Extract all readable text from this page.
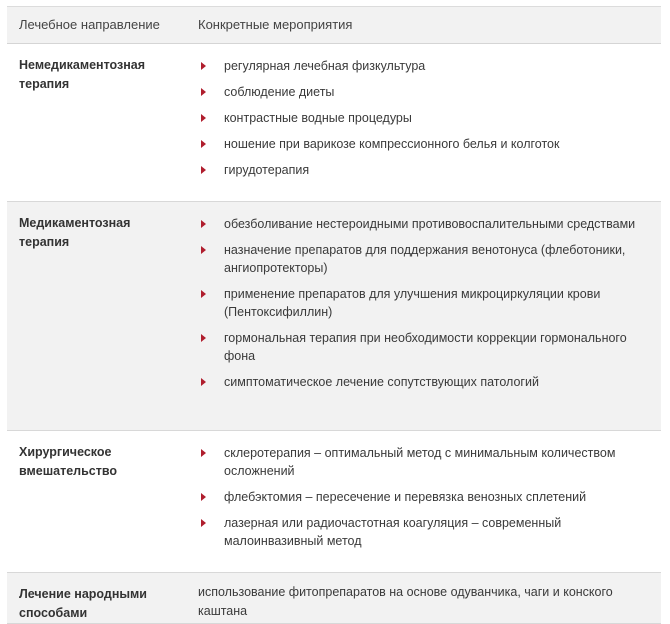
Лечебное направление	Конкретные мероприятия
Немедикаментозная терапия
регулярная лечебная физкультура
соблюдение диеты
контрастные водные процедуры
ношение при варикозе компрессионного белья и колготок
гирудотерапия
Медикаментозная терапия
обезболивание нестероидными противовоспалительными средствами
назначение препаратов для поддержания венотонуса (флеботоники, ангиопротекторы)
применение препаратов для улучшения микроциркуляции крови (Пентоксифиллин)
гормональная терапия при необходимости коррекции гормонального фона
симптоматическое лечение сопутствующих патологий
Хирургическое вмешательство
склеротерапия – оптимальный метод с минимальным количеством осложнений
флебэктомия – пересечение и перевязка венозных сплетений
лазерная или радиочастотная коагуляция – современный малоинвазивный метод
Лечение народными способами
использование фитопрепаратов на основе одуванчика, чаги и конского каштана
